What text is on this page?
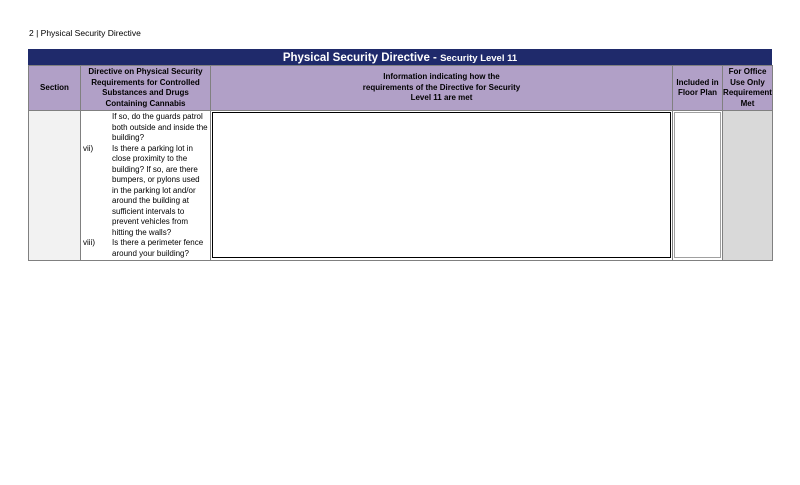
2 | Physical Security Directive
Physical Security Directive - Security Level 11
Section	Directive on Physical Security Requirements for Controlled Substances and Drugs Containing Cannabis	Information indicating how the requirements of the Directive for Security Level 11 are met	Included in Floor Plan	For Office Use Only Requirement Met

	If so, do the guards patrol both outside and inside the building?
vii) Is there a parking lot in close proximity to the building? If so, are there bumpers, or pylons used in the parking lot and/or around the building at sufficient intervals to prevent vehicles from hitting the walls?
viii) Is there a perimeter fence around your building?			
